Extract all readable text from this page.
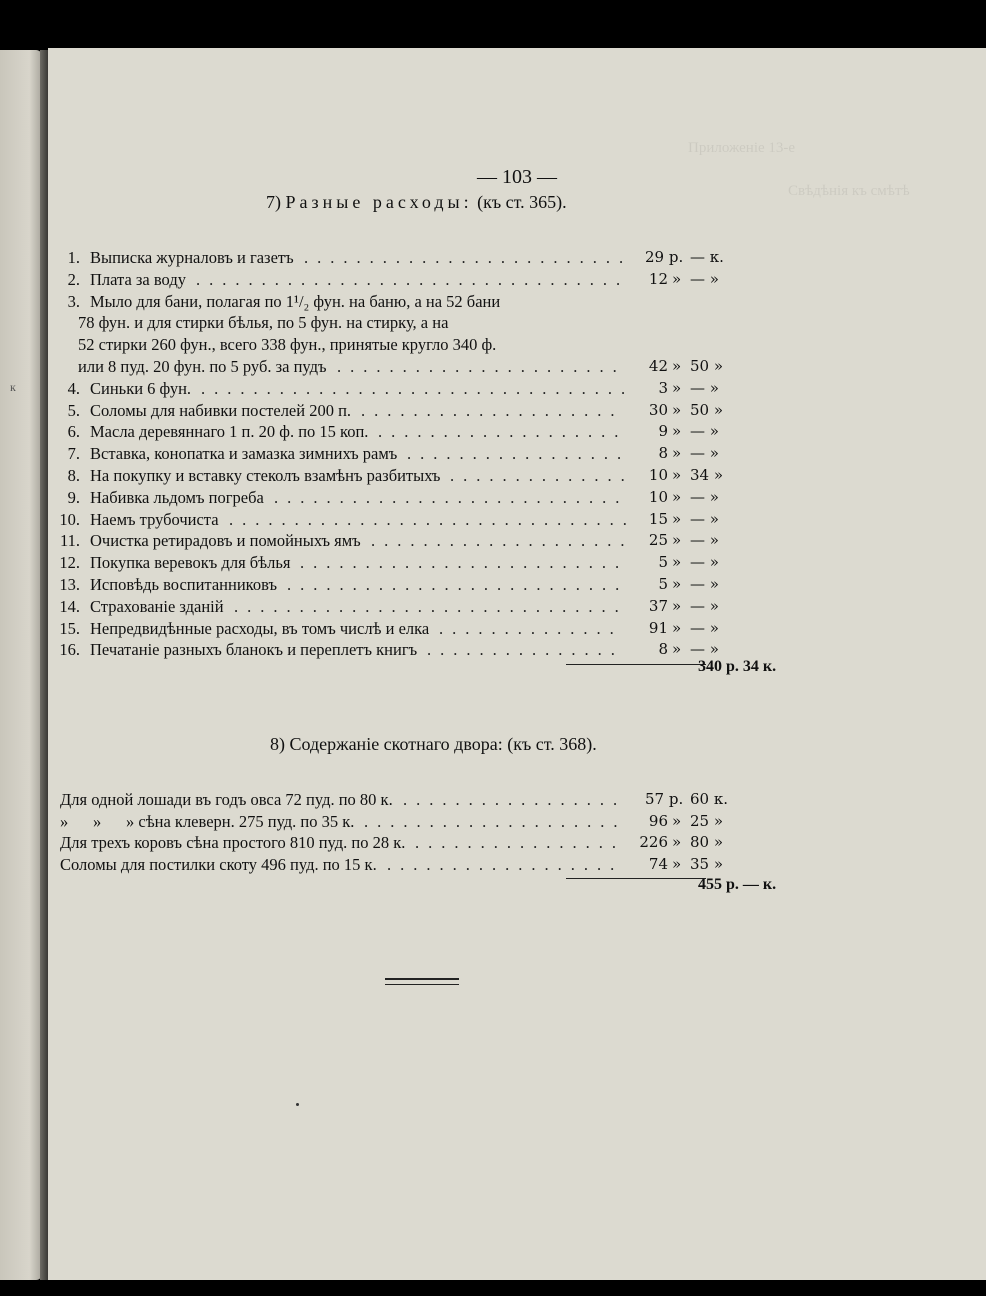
к
Приложеніе 13-е
Свѣдѣнія къ смѣтѣ
— 103 —
7) Разные расходы: (къ ст. 365).
1. Выписка журналовъ и газетъ ......................... 29 р. — к.
2. Плата за воду .................................	12 » — »
3. Мыло для бани, полагая по 1¹/₂ фун. на баню, а на 52 бани
78 фун. и для стирки бѣлья, по 5 фун. на стирку, а на
52 стирки 260 фун., всего 338 фун., принятые кругло 340 ф.
или 8 пуд. 20 фун. по 5 руб. за пудъ ......................	42 » 50 »
4. Синьки 6 фун. .................................	3 » — »
5. Соломы для набивки постелей 200 п. ....................	30 » 50 »
6. Масла деревяннаго 1 п. 20 ф. по 15 коп. ...................	9 » — »
7. Вставка, конопатка и замазка зимнихъ рамъ .................	8 » — »
8. На покупку и вставку стеколъ взамѣнъ разбитыхъ ..............	10 » 34 »
9. Набивка льдомъ погреба ...........................	10 » — »
10. Наемъ трубочиста ............................... 15 » — »
11. Очистка ретирадовъ и помойныхъ ямъ ....................	25 » — »
12. Покупка веревокъ для бѣлья .........................	5 » — »
13. Исповѣдь воспитанниковъ ..........................	5 » — »
14. Страхованіе зданій ..............................	37 » — »
15. Непредвидѣнные расходы, въ томъ числѣ и елка ..............	91 » — »
16. Печатаніе разныхъ бланокъ и переплетъ книгъ ...............	8 » — »
340 р. 34 к.
8) Содержаніе скотнаго двора: (къ ст. 368).
Для одной лошади въ годъ овса 72 пуд. по 80 к. ................. 57 р. 60 к.
»      »      » сѣна клеверн. 275 пуд. по 35 к. ....................	96 » 25 »
Для трехъ коровъ сѣна простого 810 пуд. по 28 к. ................ 226 » 80 »
Соломы для постилки скоту 496 пуд. по 15 к. ..................	74 » 35 »
455 р. — к.
